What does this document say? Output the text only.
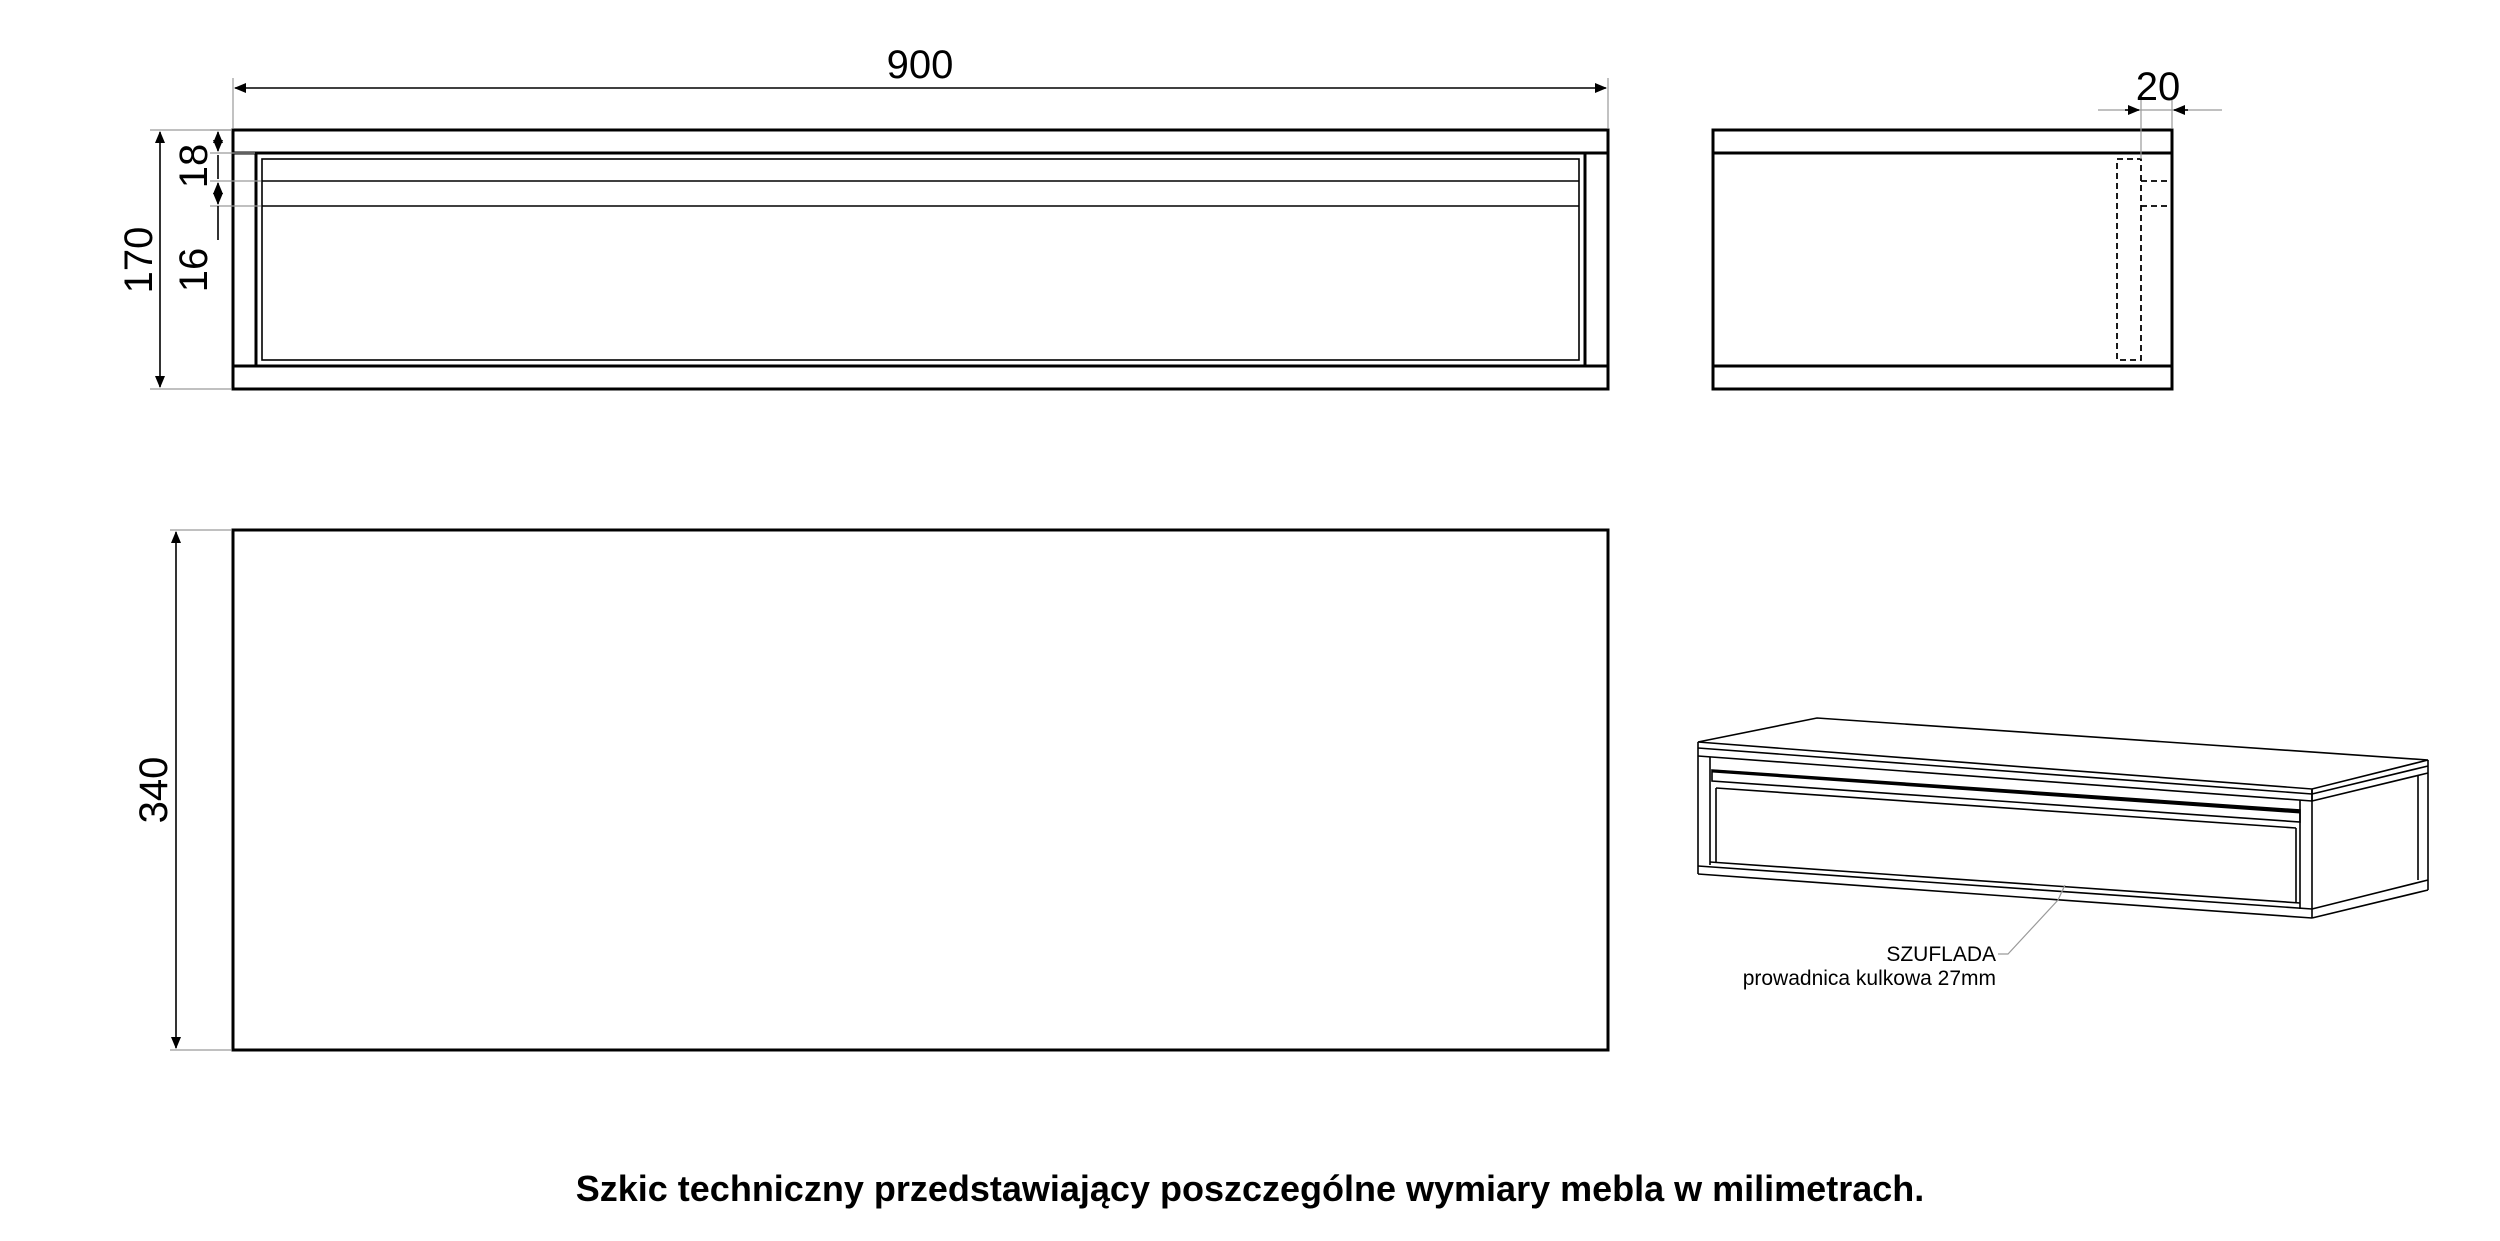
900
170
18
16
20
340
SZUFLADA
prowadnica kulkowa 27mm
Szkic techniczny przedstawiający poszczególne wymiary mebla w milimetrach.
